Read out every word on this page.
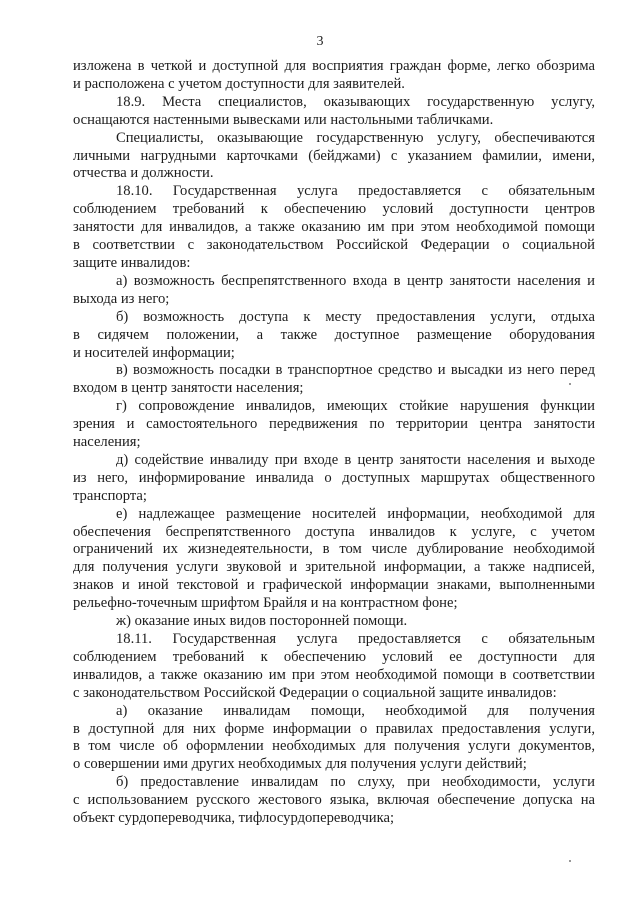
3
изложена в четкой и доступной для восприятия граждан форме, легко обозрима
и расположена с учетом доступности для заявителей.
18.9. Места специалистов, оказывающих государственную услугу,
оснащаются настенными вывесками или настольными табличками.
Специалисты, оказывающие государственную услугу, обеспечиваются
личными нагрудными карточками (бейджами) с указанием фамилии, имени,
отчества и должности.
18.10. Государственная услуга предоставляется с обязательным
соблюдением требований к обеспечению условий доступности центров
занятости для инвалидов, а также оказанию им при этом необходимой помощи
в соответствии с законодательством Российской Федерации о социальной
защите инвалидов:
а) возможность беспрепятственного входа в центр занятости населения и
выхода из него;
б) возможность доступа к месту предоставления услуги, отдыха
в сидячем положении, а также доступное размещение оборудования
и носителей информации;
в) возможность посадки в транспортное средство и высадки из него перед
входом в центр занятости населения;
г) сопровождение инвалидов, имеющих стойкие нарушения функции
зрения и самостоятельного передвижения по территории центра занятости
населения;
д) содействие инвалиду при входе в центр занятости населения и выходе
из него, информирование инвалида о доступных маршрутах общественного
транспорта;
е) надлежащее размещение носителей информации, необходимой для
обеспечения беспрепятственного доступа инвалидов к услуге, с учетом
ограничений их жизнедеятельности, в том числе дублирование необходимой
для получения услуги звуковой и зрительной информации, а также надписей,
знаков и иной текстовой и графической информации знаками, выполненными
рельефно-точечным шрифтом Брайля и на контрастном фоне;
ж) оказание иных видов посторонней помощи.
18.11. Государственная услуга предоставляется с обязательным
соблюдением требований к обеспечению условий ее доступности для
инвалидов, а также оказанию им при этом необходимой помощи в соответствии
с законодательством Российской Федерации о социальной защите инвалидов:
а) оказание инвалидам помощи, необходимой для получения
в доступной для них форме информации о правилах предоставления услуги,
в том числе об оформлении необходимых для получения услуги документов,
о совершении ими других необходимых для получения услуги действий;
б) предоставление инвалидам по слуху, при необходимости, услуги
с использованием русского жестового языка, включая обеспечение допуска на
объект сурдопереводчика, тифлосурдопереводчика;
